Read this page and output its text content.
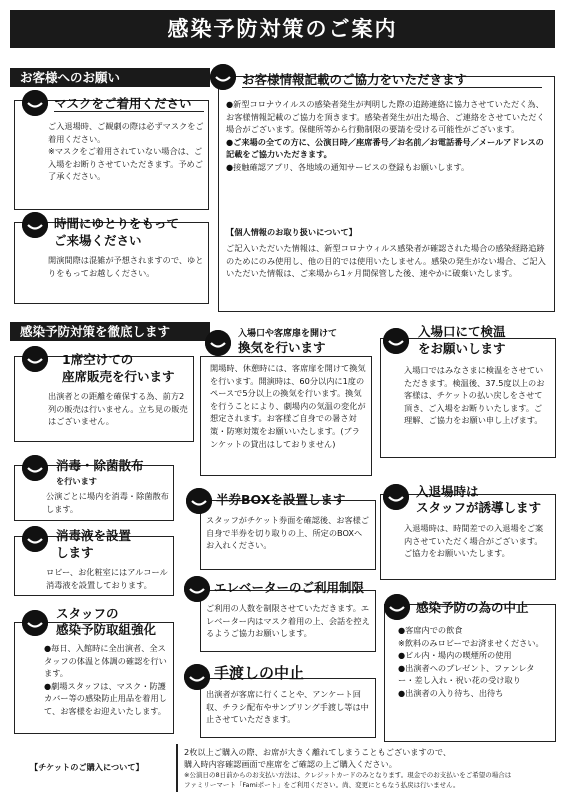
感染予防対策のご案内
お客様へのお願い
マスクをご着用ください

ご入退場時、ご観劇の際は必ずマスクをご着用ください。

※マスクをご着用されていない場合は、ご入場をお断りさせていただきます。予めご了承ください。

時間にゆとりをもって
ご来場ください
開演間際は混雑が予想されますので、ゆとりをもってお越しください。
お客様情報記載のご協力をいただきます

●新型コロナウイルスの感染者発生が判明した際の追跡連絡に協力させていただく為、お客様情報記載のご協力を頂きます。感染者発生が出た場合、ご連絡をさせていただく場合がございます。保健所等から行動制限の要請を受ける可能性がございます。

●ご来場の全ての方に、公演日時／座席番号／お名前／お電話番号／メールアドレスの記載をご協力いただきます。

●接触確認アプリ、各地域の通知サービスの登録もお願いします。

【個人情報のお取り扱いについて】
ご記入いただいた情報は、新型コロナウィルス感染者が確認された場合の感染経路追跡のためにのみ使用し、他の目的では使用いたしません。感染の発生がない場合、ご記入いただいた情報は、ご来場から1ヶ月間保管した後、速やかに破棄いたします。
感染予防対策を徹底します
1席空けての
座席販売を行います
出演者との距離を確保する為、前方2列の販売は行いません。立ち見の販売はございません。
入場口や客席扉を開けて
換気を行います
開場時、休憩時には、客席扉を開けて換気を行います。開演時は、60分以内に1度のペースで5分以上の換気を行います。換気を行うことにより、劇場内の気温の変化が想定されます。お客様ご自身での暑さ対策・防寒対策をお願いいたします。(ブランケットの貸出はしておりません)
入場口にて検温
をお願いします
入場口ではみなさまに検温をさせていただきます。検温後、37.5度以上のお客様は、チケットの払い戻しをさせて頂き、ご入場をお断りいたします。ご理解、ご協力をお願い申し上げます。
消毒・除菌散布
を行います
公演ごとに場内を消毒・除菌散布します。
半券BOXを設置します
スタッフがチケット券面を確認後、お客様ご自身で半券を切り取りの上、所定のBOXへお入れください。
入退場時は
スタッフが誘導します
入退場時は、時間差での入退場をご案内させていただく場合がございます。ご協力をお願いいたします。
消毒液を設置
します
ロビー、お化粧室にはアルコール消毒液を設置しております。	エレベーターのご利用制限
ご利用の人数を制限させていただきます。エレベーター内はマスク着用の上、会話を控えるようご協力お願いします。
スタッフの
感染予防取組強化

●毎日、入館時に全出演者、全スタッフの体温と体調の確認を行います。

●劇場スタッフは、マスク・防護カバー等の感染防止用品を着用して、お客様をお迎えいたします。

手渡しの中止
出演者が客席に行くことや、アンケート回収、チラシ配布やサンプリング手渡し等は中止させていただきます。
感染予防の為の中止

●客席内での飲食

※飲料のみロビーでお済ませください。

●ビル内・場内の喫煙所の使用

●出演者へのプレゼント、ファンレター・差し入れ・祝い花の受け取り

●出演者の入り待ち、出待ち

【チケットのご購入について】
2枚以上ご購入の際、お席が大きく離れてしまうこともございますので、
購入時内容確認画面で座席をご確認の上ご購入ください。
※公演日の8日前からのお支払い方法は、クレジットカードのみとなります。現金でのお支払いをご希望の場合は
ファミリーマート「Famiポート」をご利用ください。尚、変更にともなう払戻は行いません。
